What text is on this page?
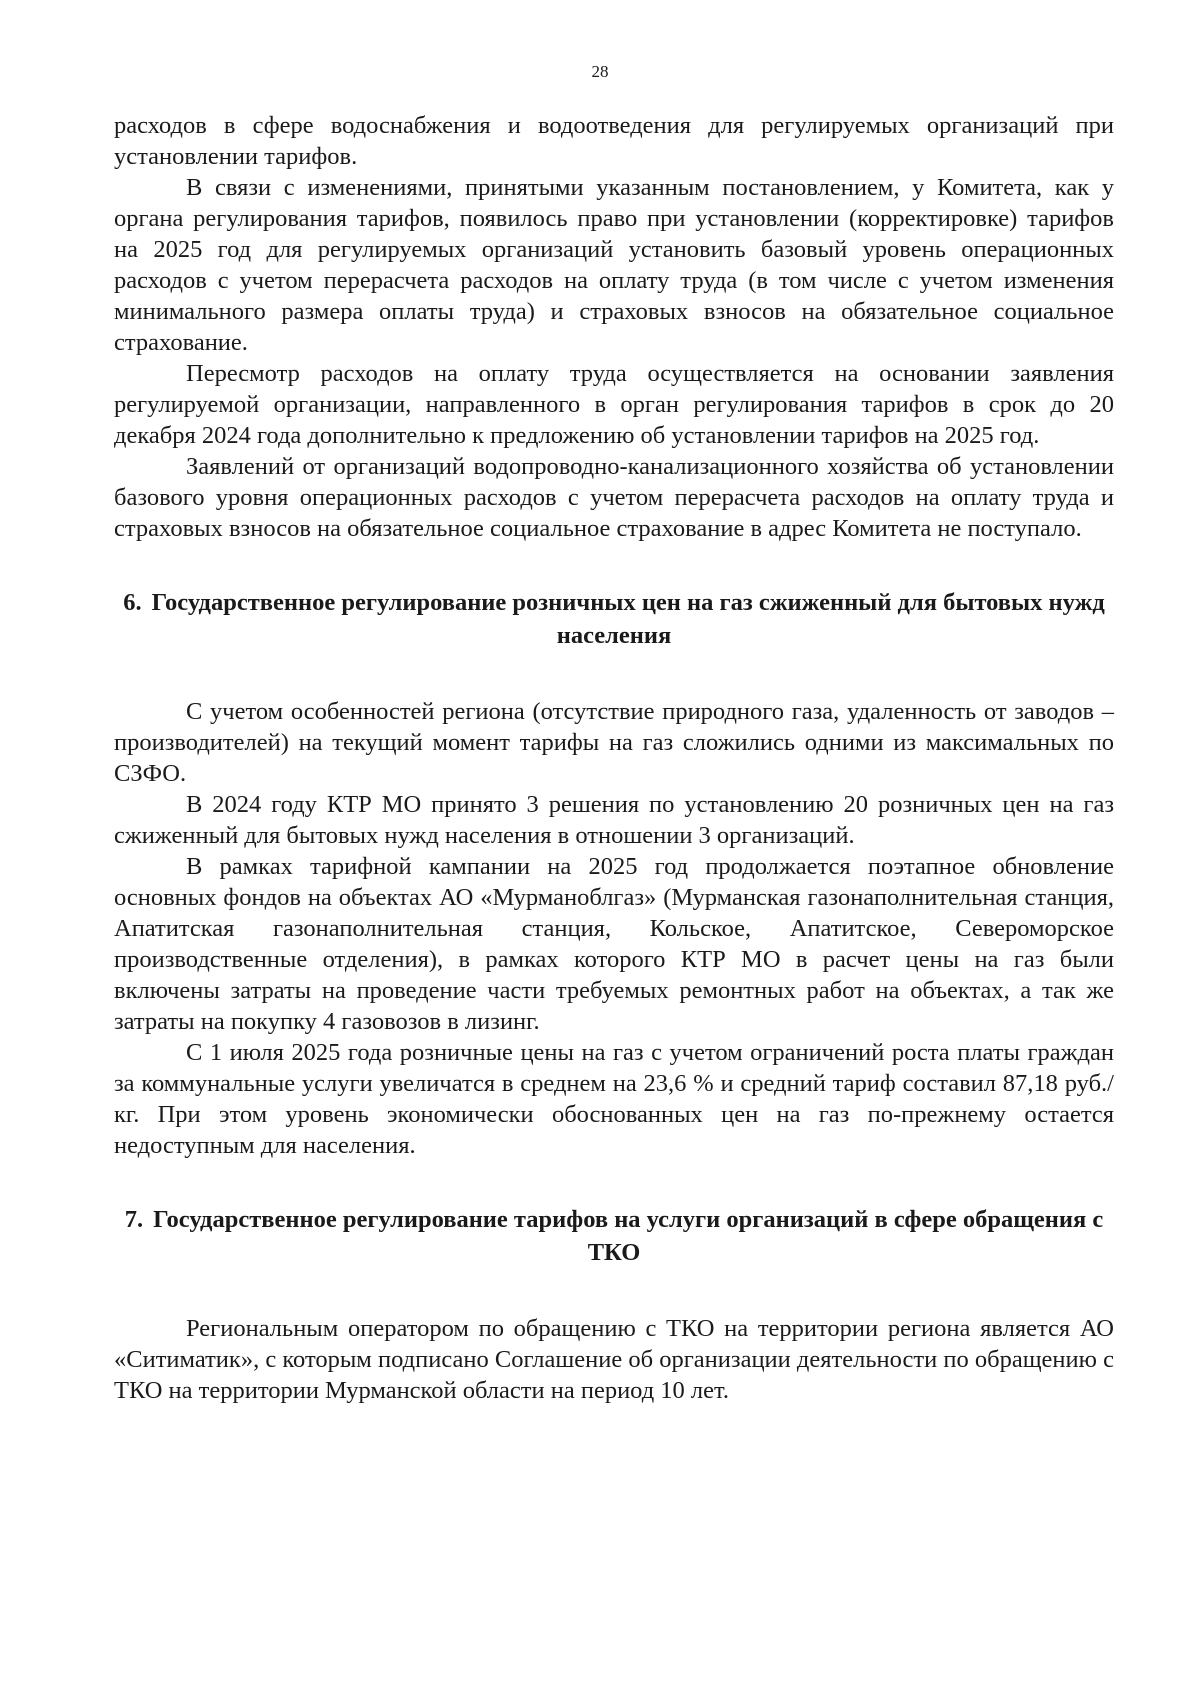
28

расходов в сфере водоснабжения и водоотведения для регулируемых организаций при установлении тарифов.

В связи с изменениями, принятыми указанным постановлением, у Комитета, как у органа регулирования тарифов, появилось право при установлении (корректировке) тарифов на 2025 год для регулируемых организаций установить базовый уровень операционных расходов с учетом перерасчета расходов на оплату труда (в том числе с учетом изменения минимального размера оплаты труда) и страховых взносов на обязательное социальное страхование.

Пересмотр расходов на оплату труда осуществляется на основании заявления регулируемой организации, направленного в орган регулирования тарифов в срок до 20 декабря 2024 года дополнительно к предложению об установлении тарифов на 2025 год.

Заявлений от организаций водопроводно-канализационного хозяйства об установлении базового уровня операционных расходов с учетом перерасчета расходов на оплату труда и страховых взносов на обязательное социальное страхование в адрес Комитета не поступало.

6. Государственное регулирование розничных цен на газ сжиженный для бытовых нужд населения

С учетом особенностей региона (отсутствие природного газа, удаленность от заводов – производителей) на текущий момент тарифы на газ сложились одними из максимальных по СЗФО.

В 2024 году КТР МО принято 3 решения по установлению 20 розничных цен на газ сжиженный для бытовых нужд населения в отношении 3 организаций.

В рамках тарифной кампании на 2025 год продолжается поэтапное обновление основных фондов на объектах АО «Мурманоблгаз» (Мурманская газонаполнительная станция, Апатитская газонаполнительная станция, Кольское, Апатитское, Североморское производственные отделения), в рамках которого КТР МО в расчет цены на газ были включены затраты на проведение части требуемых ремонтных работ на объектах, а так же затраты на покупку 4 газовозов в лизинг.

С 1 июля 2025 года розничные цены на газ с учетом ограничений роста платы граждан за коммунальные услуги увеличатся в среднем на 23,6 % и средний тариф составил 87,18 руб./кг. При этом уровень экономически обоснованных цен на газ по-прежнему остается недоступным для населения.

7. Государственное регулирование тарифов на услуги организаций в сфере обращения с ТКО

Региональным оператором по обращению с ТКО на территории региона является АО «Ситиматик», с которым подписано Соглашение об организации деятельности по обращению с ТКО на территории Мурманской области на период 10 лет.
